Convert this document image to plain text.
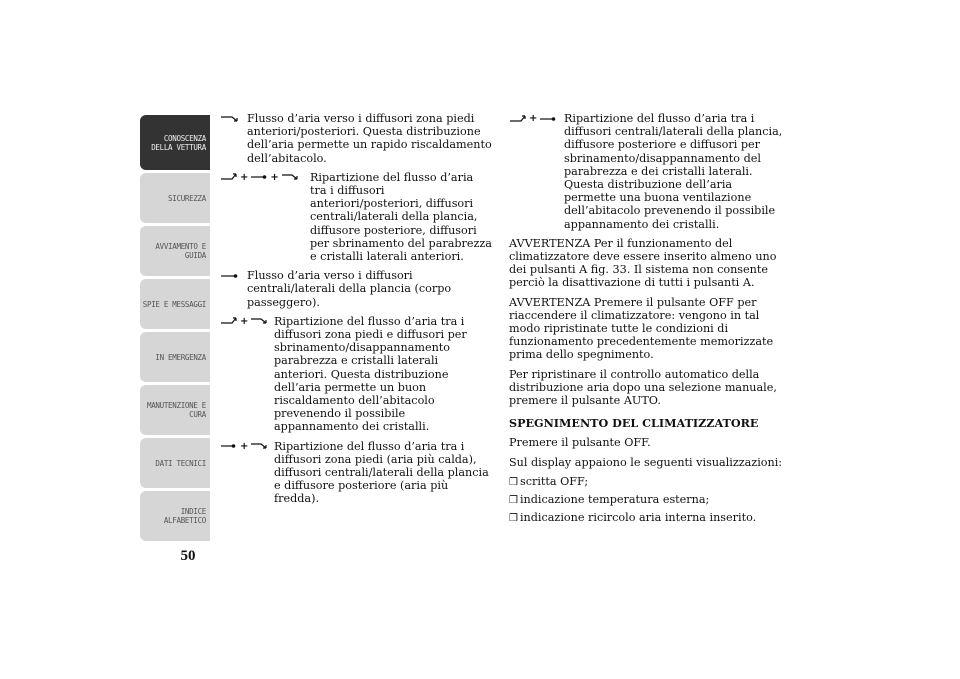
CONOSCENZA DELLA VETTURA
SICUREZZA
AVVIAMENTO E GUIDA
SPIE E MESSAGGI
IN EMERGENZA
MANUTENZIONE E CURA
DATI TECNICI
INDICE ALFABETICO
50
Flusso d’aria verso i diffusori zona piedi anteriori/posteriori. Questa distribuzione dell’aria permette un rapido riscaldamento dell’abitacolo.
+ +	Ripartizione del flusso d’aria tra i diffusori anteriori/posteriori, diffusori centrali/laterali della plancia, diffusore posteriore, diffusori per sbrinamento del parabrezza e cristalli laterali anteriori.
Flusso d’aria verso i diffusori centrali/laterali della plancia (corpo passeggero).
+	Ripartizione del flusso d’aria tra i diffusori zona piedi e diffusori per sbrinamento/disappannamento parabrezza e cristalli laterali anteriori. Questa distribuzione dell’aria permette un buon riscaldamento dell’abitacolo prevenendo il possibile appannamento dei cristalli.
+	Ripartizione del flusso d’aria tra i diffusori zona piedi (aria più calda), diffusori centrali/laterali della plancia e diffusore posteriore (aria più fredda).
+	Ripartizione del flusso d’aria tra i diffusori centrali/laterali della plancia, diffusore posteriore e diffusori per sbrinamento/disappannamento del parabrezza e dei cristalli laterali. Questa distribuzione dell’aria permette una buona ventilazione dell’abitacolo prevenendo il possibile appannamento dei cristalli.

AVVERTENZA Per il funzionamento del climatizzatore deve essere inserito almeno uno dei pulsanti A fig. 33. Il sistema non consente perciò la disattivazione di tutti i pulsanti A.

AVVERTENZA Premere il pulsante OFF per riaccendere il climatizzatore: vengono in tal modo ripristinate tutte le condizioni di funzionamento precedentemente memorizzate prima dello spegnimento.

Per ripristinare il controllo automatico della distribuzione aria dopo una selezione manuale, premere il pulsante AUTO.

SPEGNIMENTO DEL CLIMATIZZATORE

Premere il pulsante OFF.

Sul display appaiono le seguenti visualizzazioni:

❒ scritta OFF;
❒ indicazione temperatura esterna;
❒ indicazione ricircolo aria interna inserito.
